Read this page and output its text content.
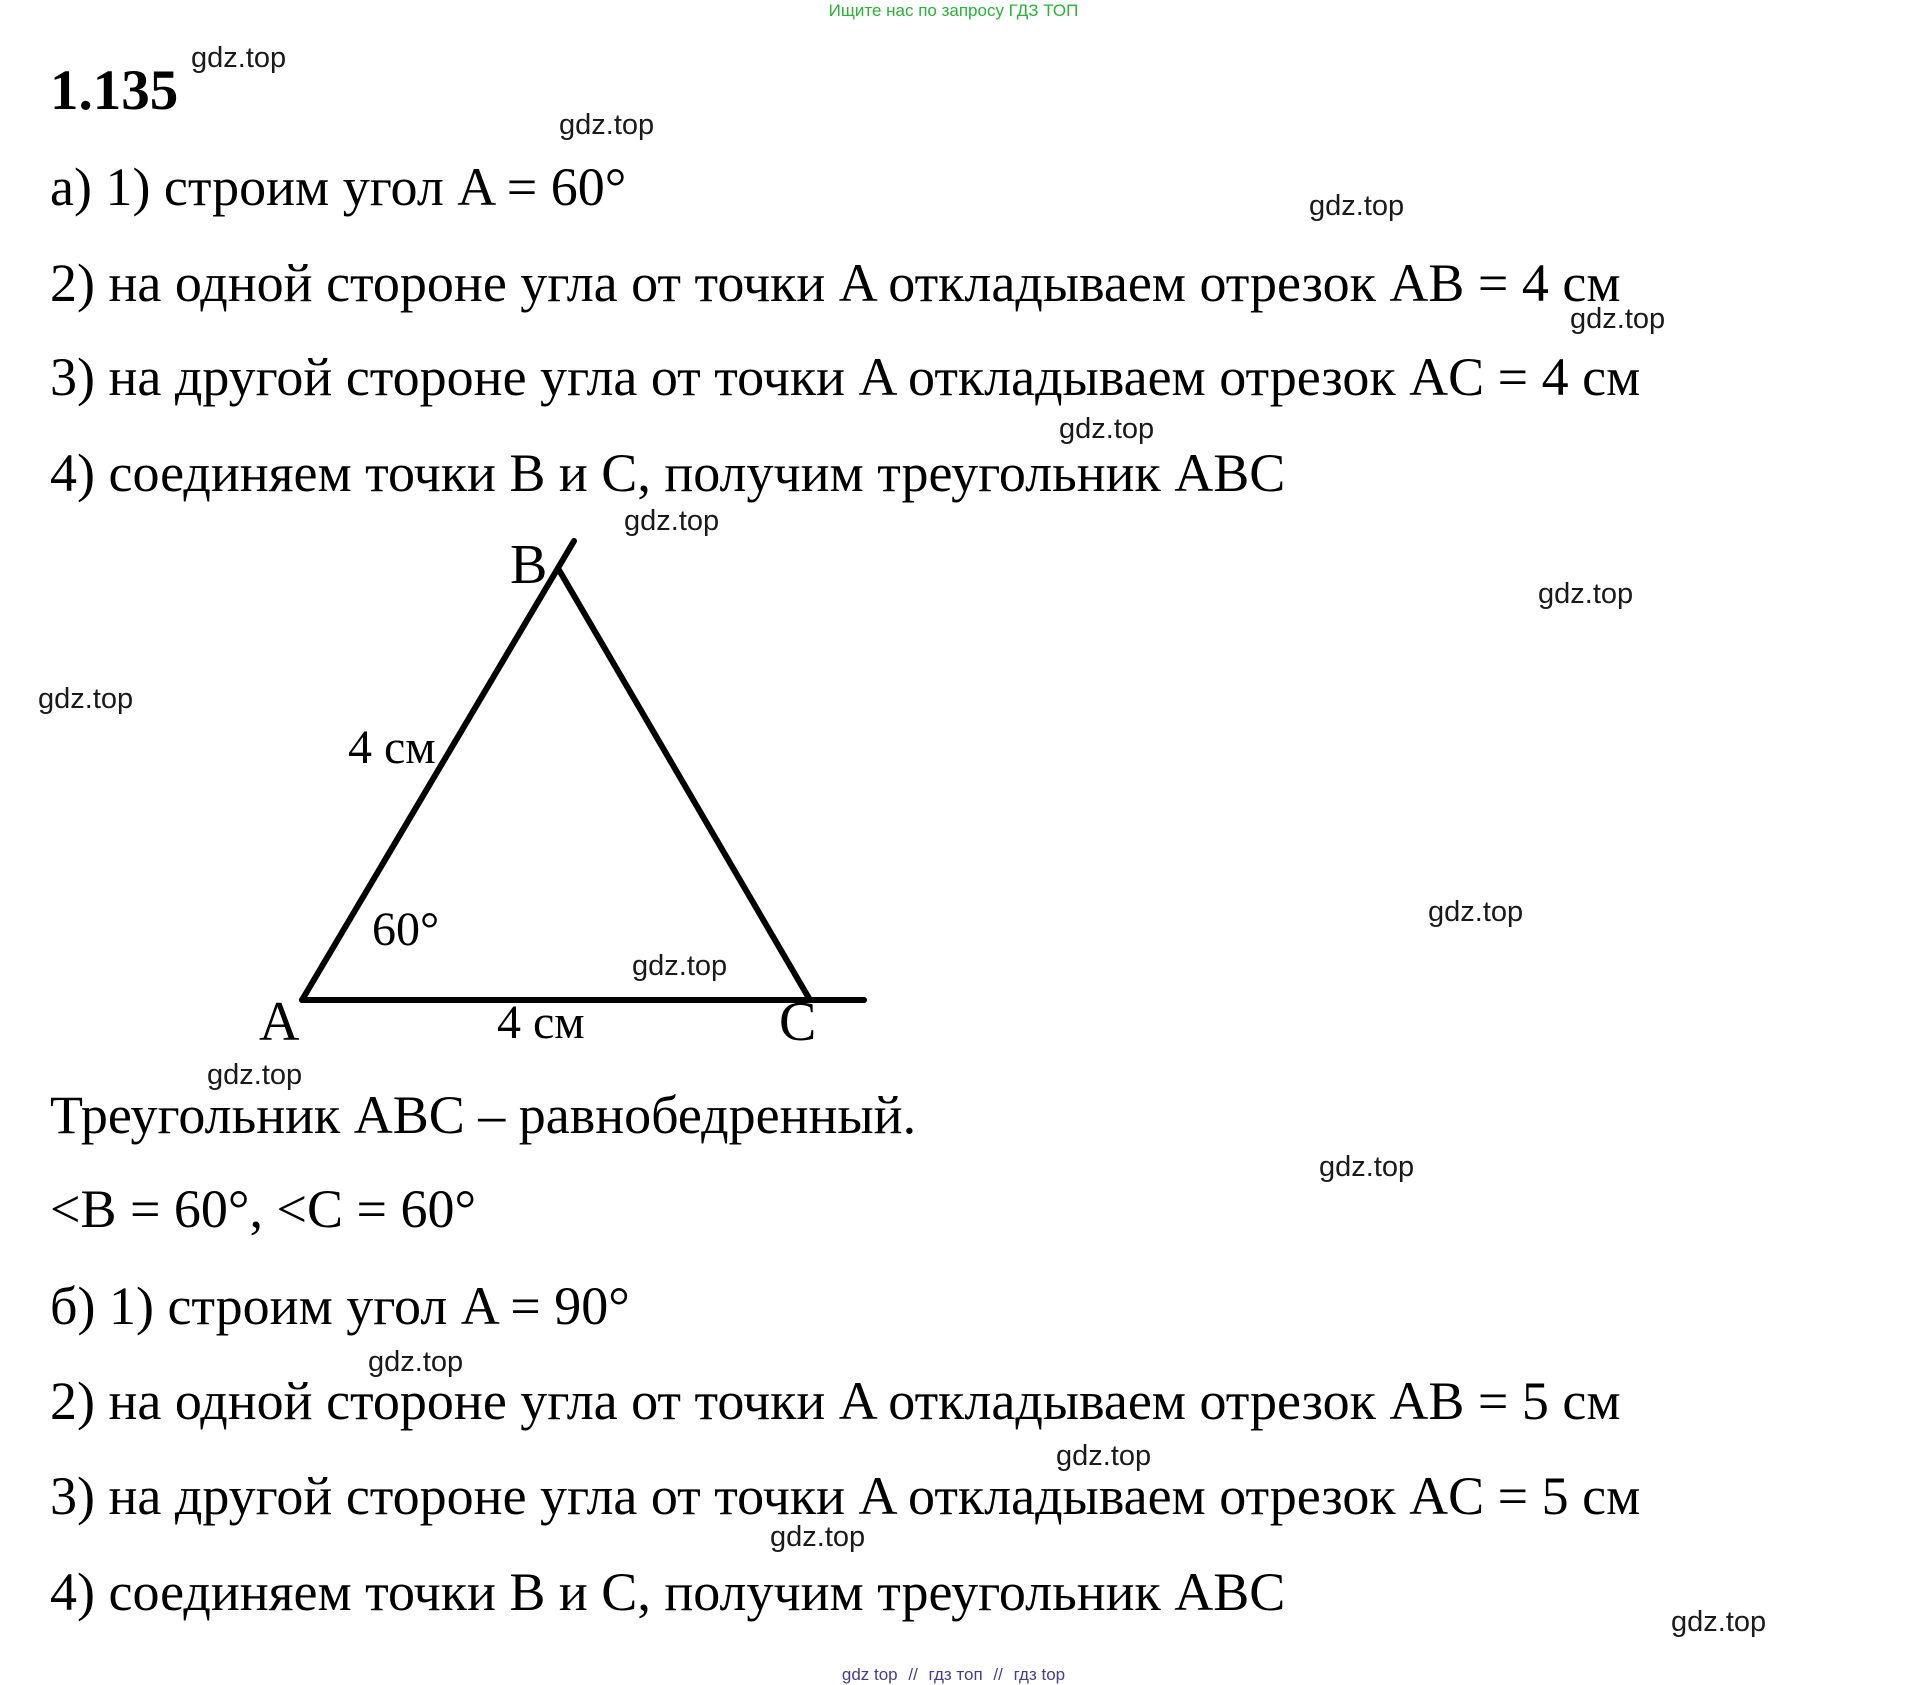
Ищите нас по запросу ГДЗ ТОП
1.135
а) 1) строим угол A = 60°
2) на одной стороне угла от точки A откладываем отрезок AB = 4 см
3) на другой стороне угла от точки A откладываем отрезок AC = 4 см
4) соединяем точки B и C, получим треугольник ABC
B
A	C
4 см
4 см
60°
Треугольник ABC – равнобедренный.
<B = 60°, <C = 60°
б) 1) строим угол A = 90°
2) на одной стороне угла от точки A откладываем отрезок AB = 5 см
3) на другой стороне угла от точки A откладываем отрезок AC = 5 см
4) соединяем точки B и C, получим треугольник ABC
gdz.top
gdz.top
gdz.top
gdz.top
gdz.top
gdz.top
gdz.top
gdz.top
gdz.top
gdz.top
gdz.top
gdz.top
gdz.top
gdz.top
gdz.top
gdz.top
gdz top // гдз топ // гдз top
